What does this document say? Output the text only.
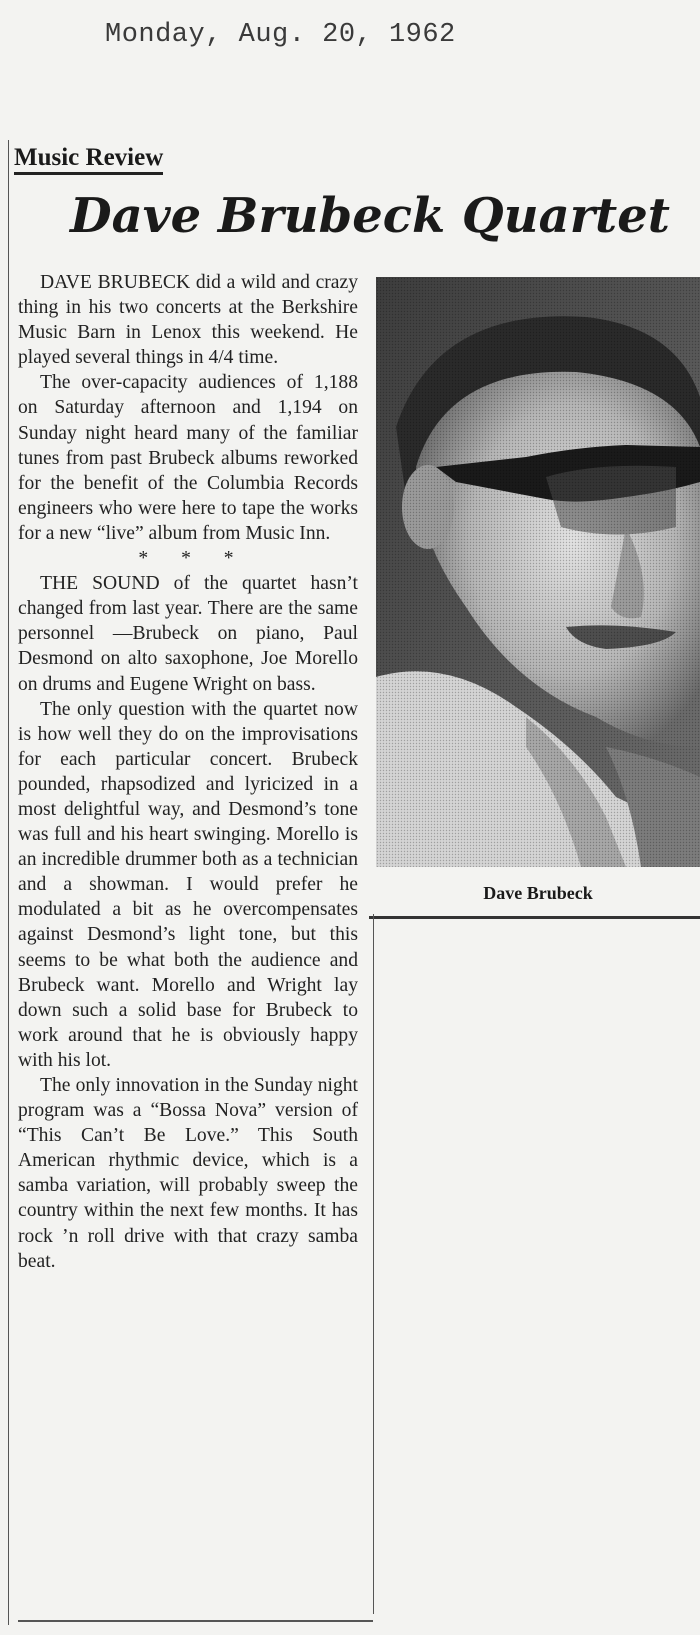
Monday, Aug. 20, 1962
Music Review
Dave Brubeck Quartet

DAVE BRUBECK did a wild and crazy thing in his two concerts at the Berkshire Music Barn in Lenox this weekend. He played several things in 4/4 time.

The over-capacity audiences of 1,188 on Saturday afternoon and 1,194 on Sunday night heard many of the familiar tunes from past Brubeck albums reworked for the benefit of the Columbia Records engineers who were here to tape the works for a new “live” album from Music Inn.

* * *

THE SOUND of the quartet hasn’t changed from last year. There are the same personnel —Brubeck on piano, Paul Desmond on alto saxophone, Joe Morello on drums and Eugene Wright on bass.

The only question with the quartet now is how well they do on the improvisations for each particular concert. Brubeck pounded, rhapsodized and lyricized in a most delightful way, and Desmond’s tone was full and his heart swinging. Morello is an incredible drummer both as a technician and a showman. I would prefer he modulated a bit as he overcompensates against Desmond’s light tone, but this seems to be what both the audience and Brubeck want. Morello and Wright lay down such a solid base for Brubeck to work around that he is obviously happy with his lot.

The only innovation in the Sunday night program was a “Bossa Nova” version of “This Can’t Be Love.” This South American rhythmic device, which is a samba variation, will probably sweep the country within the next few months. It has rock ’n roll drive with that crazy samba beat.

Dave Brubeck
